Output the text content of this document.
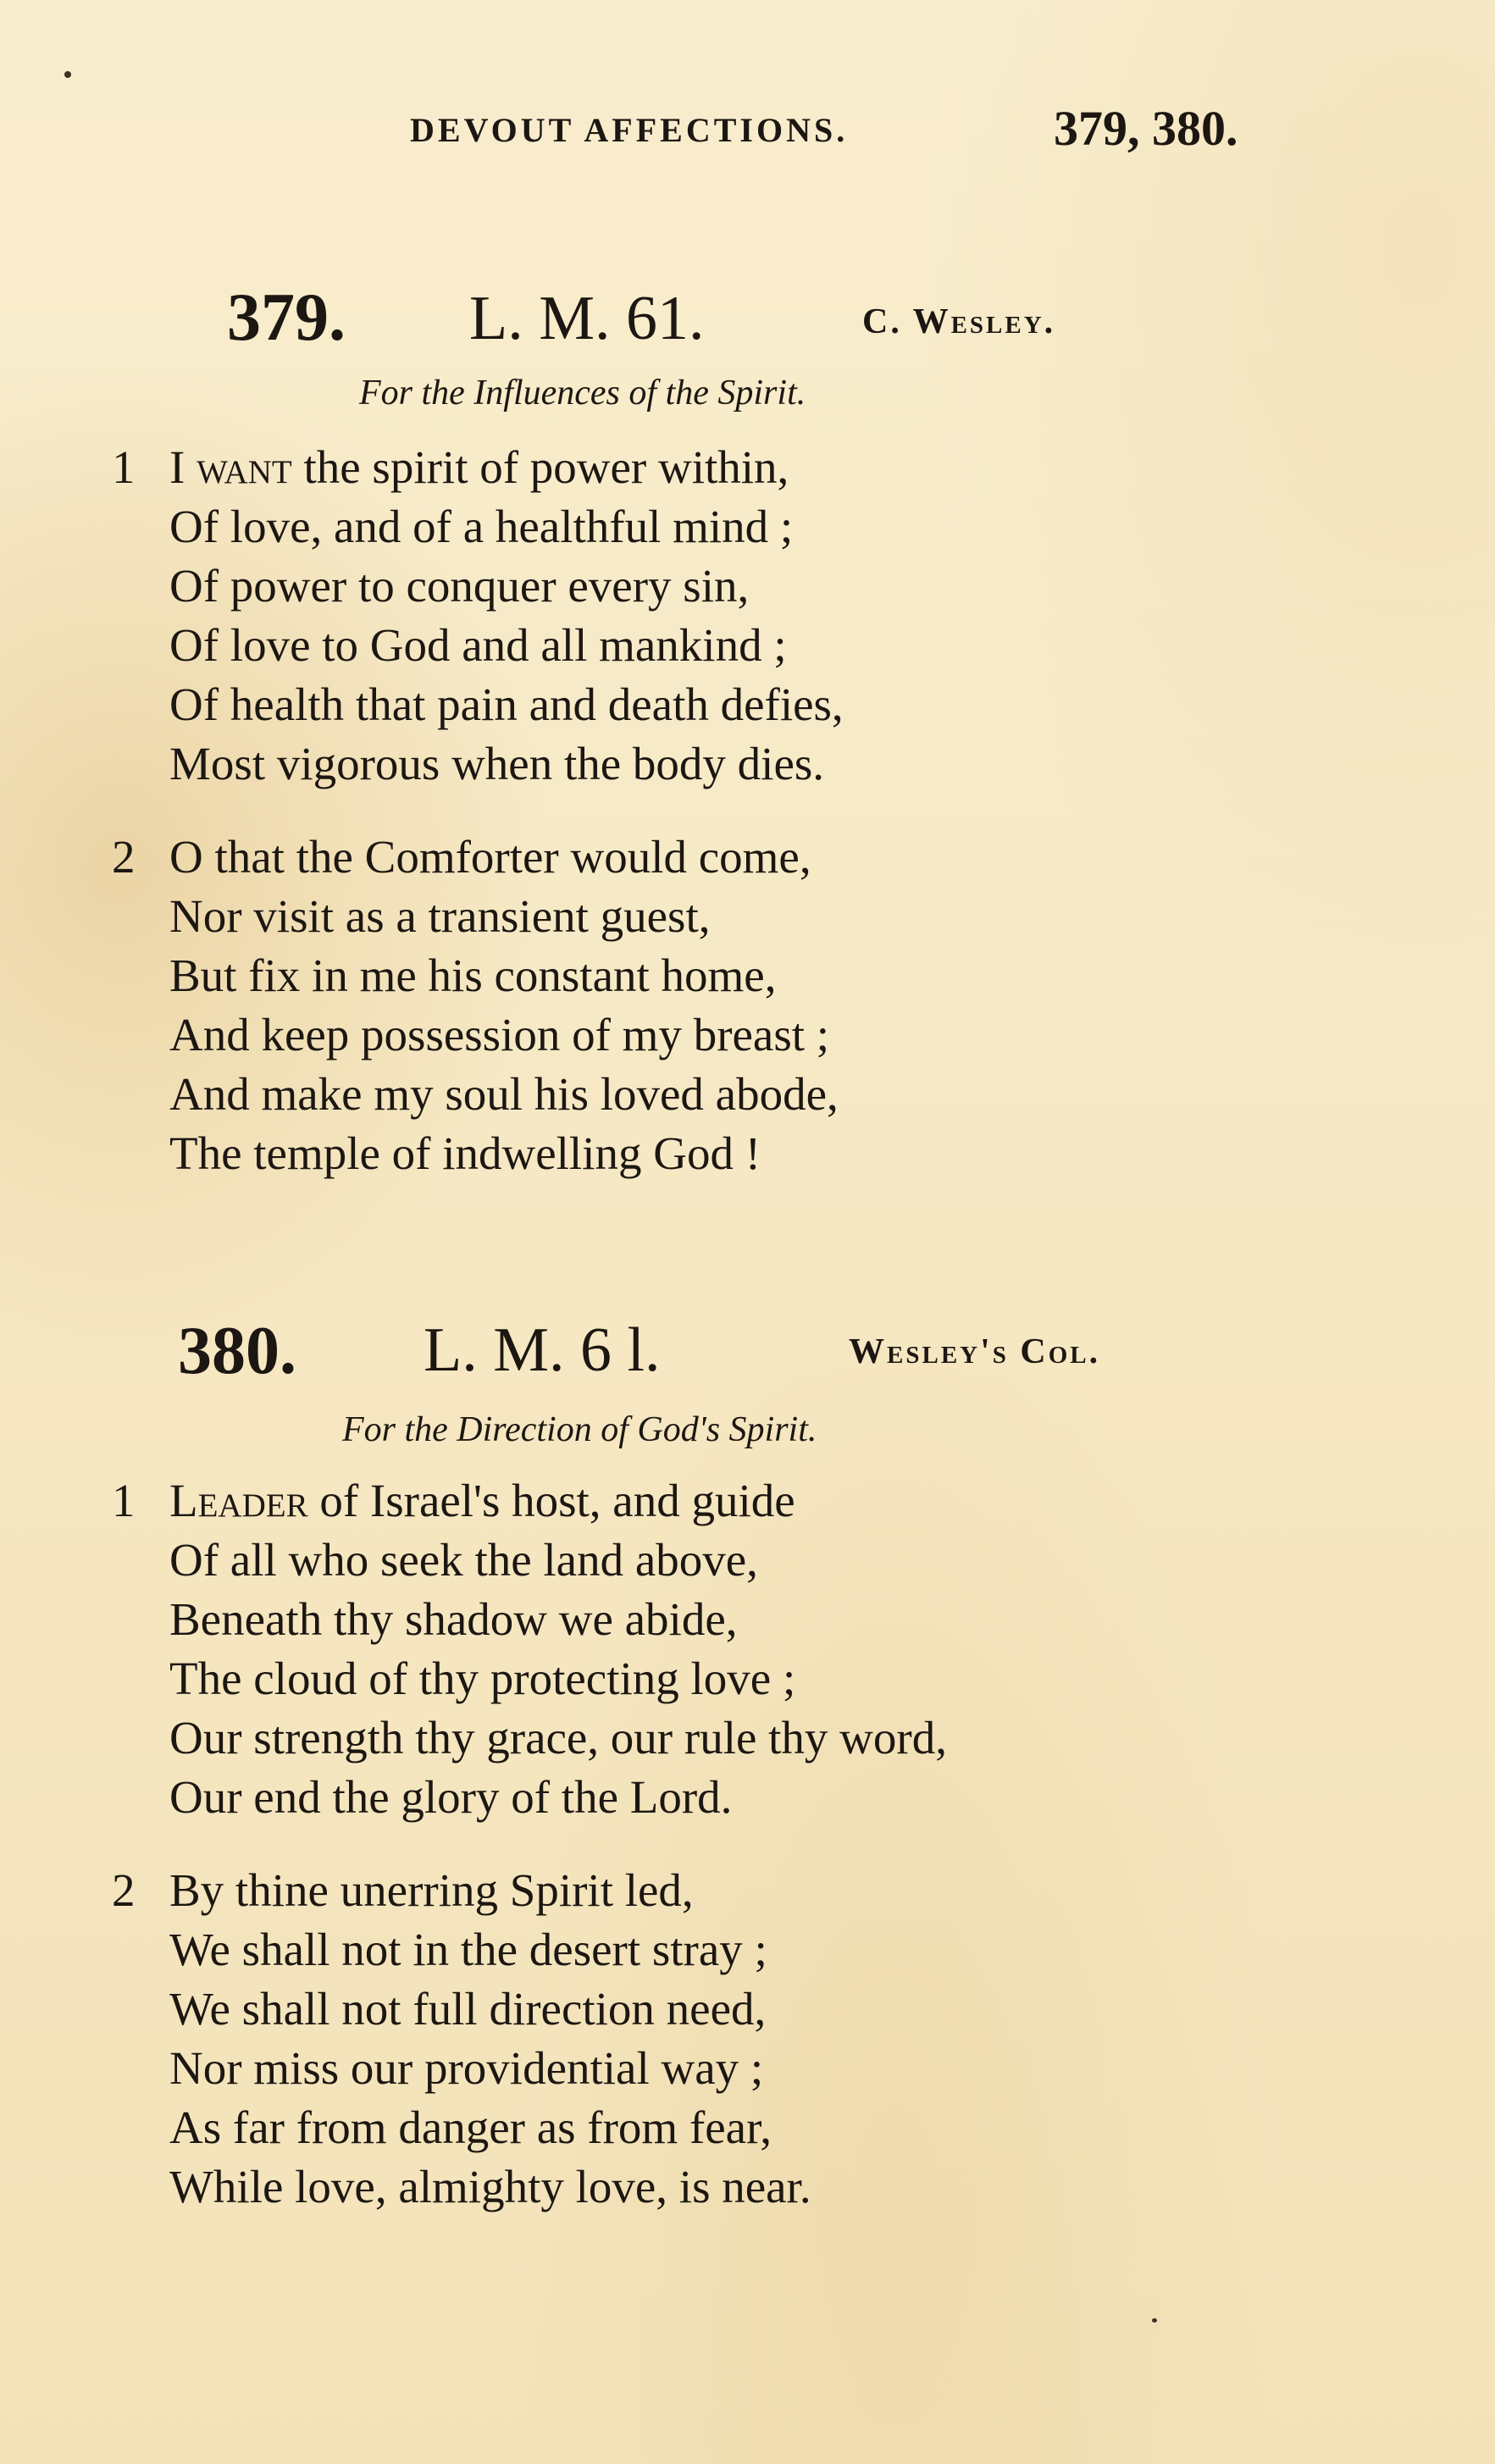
DEVOUT AFFECTIONS.	379, 380.
379. L. M. 61.	C. Wesley.
For the Influences of the Spirit.
1 I want the spirit of power within,
Of love, and of a healthful mind ;
Of power to conquer every sin,
Of love to God and all mankind ;
Of health that pain and death defies,
Most vigorous when the body dies.
2 O that the Comforter would come,
Nor visit as a transient guest,
But fix in me his constant home,
And keep possession of my breast ;
And make my soul his loved abode,
The temple of indwelling God !
380. L. M. 6 l.	Wesley's Col.
For the Direction of God's Spirit.
1 Leader of Israel's host, and guide
Of all who seek the land above,
Beneath thy shadow we abide,
The cloud of thy protecting love ;
Our strength thy grace, our rule thy word,
Our end the glory of the Lord.
2 By thine unerring Spirit led,
We shall not in the desert stray ;
We shall not full direction need,
Nor miss our providential way ;
As far from danger as from fear,
While love, almighty love, is near.
